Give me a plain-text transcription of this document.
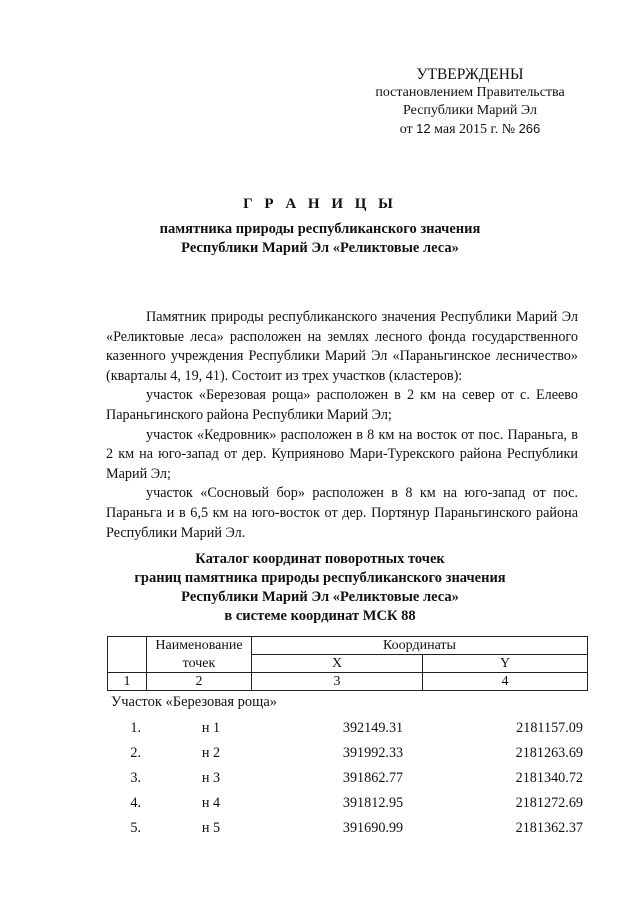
УТВЕРЖДЕНЫ
постановлением Правительства
Республики Марий Эл
от 12 мая 2015 г. № 266
Г Р А Н И Ц Ы
памятника природы республиканского значения
Республики Марий Эл «Реликтовые леса»
Памятник природы республиканского значения Республики Марий Эл «Реликтовые леса» расположен на землях лесного фонда государственного казенного учреждения Республики Марий Эл «Параньгинское лесничество» (кварталы 4, 19, 41). Состоит из трех участков (кластеров):
участок «Березовая роща» расположен в 2 км на север от с. Елеево Параньгинского района Республики Марий Эл;
участок «Кедровник» расположен в 8 км на восток от пос. Параньга, в 2 км на юго-запад от дер. Куприяново Мари-Турекского района Республики Марий Эл;
участок «Сосновый бор» расположен в 8 км на юго-запад от пос. Параньга и в 6,5 км на юго-восток от дер. Портянур Параньгинского района Республики Марий Эл.
Каталог координат поворотных точек
границ памятника природы республиканского значения
Республики Марий Эл «Реликтовые леса»
в системе координат МСК 88
	Наименование	Координаты	
	точек	X	Y
1	2	3	4
Участок «Березовая роща»
1.	н 1	392149.31	2181157.09
2.	н 2	391992.33	2181263.69
3.	н 3	391862.77	2181340.72
4.	н 4	391812.95	2181272.69
5.	н 5	391690.99	2181362.37
